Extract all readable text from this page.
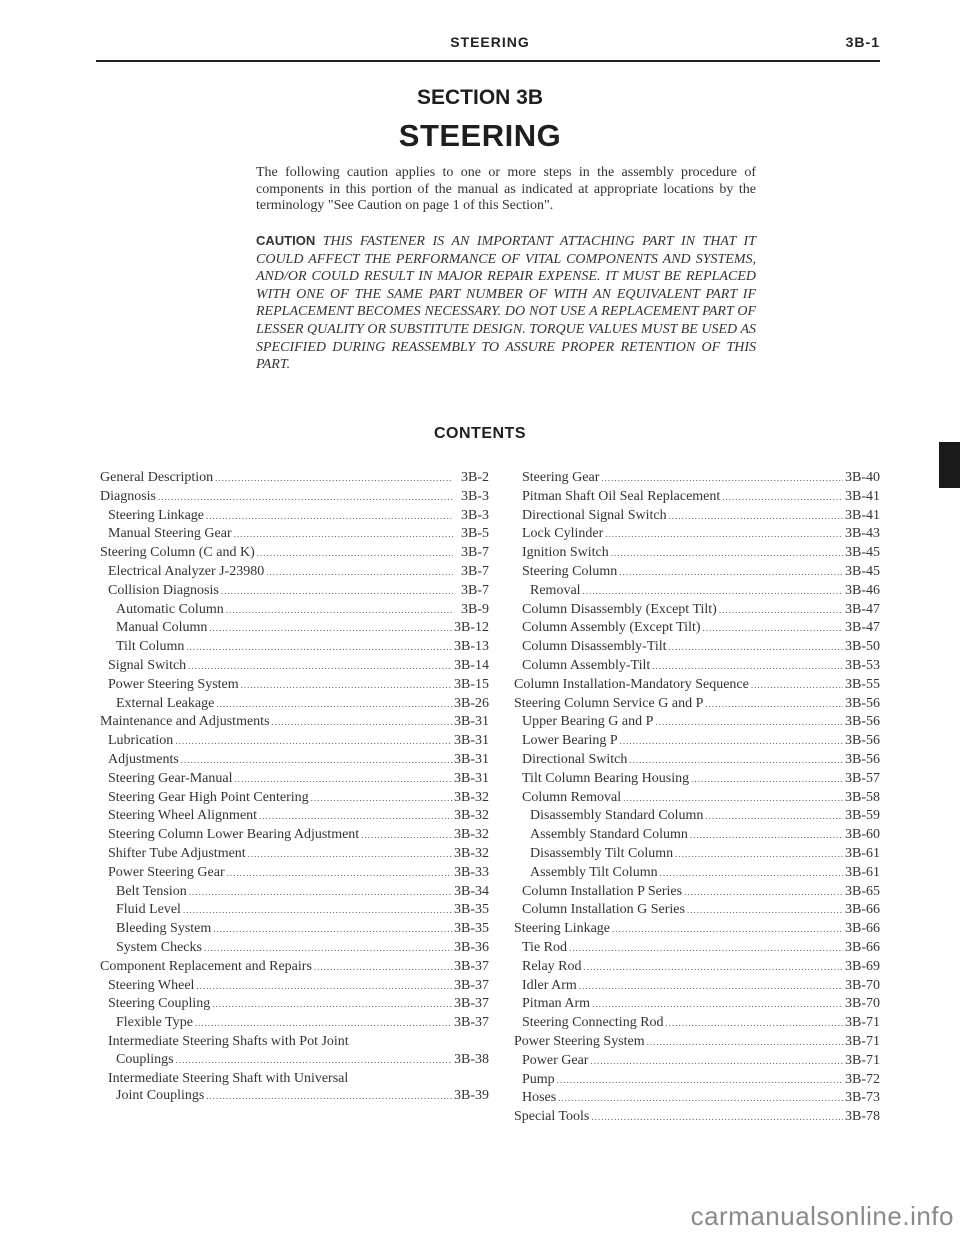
STEERING	3B-1
SECTION 3B
STEERING
The following caution applies to one or more steps in the assembly procedure of components in this portion of the manual as indicated at appropriate locations by the terminology "See Caution on page 1 of this Section".
CAUTION THIS FASTENER IS AN IMPORTANT ATTACHING PART IN THAT IT COULD AFFECT THE PERFORMANCE OF VITAL COMPONENTS AND SYSTEMS, AND/OR COULD RESULT IN MAJOR REPAIR EXPENSE. IT MUST BE REPLACED WITH ONE OF THE SAME PART NUMBER OF WITH AN EQUIVALENT PART IF REPLACEMENT BECOMES NECESSARY. DO NOT USE A REPLACEMENT PART OF LESSER QUALITY OR SUBSTITUTE DESIGN. TORQUE VALUES MUST BE USED AS SPECIFIED DURING REASSEMBLY TO ASSURE PROPER RETENTION OF THIS PART.
CONTENTS
General Description .....	3B-2
Diagnosis .....	3B-3
Steering Linkage .....	3B-3
Manual Steering Gear .....	3B-5
Steering Column (C and K) .....	3B-7
Electrical Analyzer J-23980 .....	3B-7
Collision Diagnosis .....	3B-7
Automatic Column .....	3B-9
Manual Column .....	3B-12
Tilt Column .....	3B-13
Signal Switch .....	3B-14
Power Steering System .....	3B-15
External Leakage .....	3B-26
Maintenance and Adjustments .....	3B-31
Lubrication .....	3B-31
Adjustments .....	3B-31
Steering Gear-Manual .....	3B-31
Steering Gear High Point Centering .....	3B-32
Steering Wheel Alignment .....	3B-32
Steering Column Lower Bearing Adjustment .....	3B-32
Shifter Tube Adjustment .....	3B-32
Power Steering Gear .....	3B-33
Belt Tension .....	3B-34
Fluid Level .....	3B-35
Bleeding System .....	3B-35
System Checks .....	3B-36
Component Replacement and Repairs .....	3B-37
Steering Wheel .....	3B-37
Steering Coupling .....	3B-37
Flexible Type .....	3B-37
Intermediate Steering Shafts with Pot Joint
Couplings .....	3B-38
Intermediate Steering Shaft with Universal
Joint Couplings .....	3B-39
Steering Gear .....	3B-40
Pitman Shaft Oil Seal Replacement .....	3B-41
Directional Signal Switch .....	3B-41
Lock Cylinder .....	3B-43
Ignition Switch .....	3B-45
Steering Column .....	3B-45
Removal .....	3B-46
Column Disassembly (Except Tilt) .....	3B-47
Column Assembly (Except Tilt) .....	3B-47
Column Disassembly-Tilt .....	3B-50
Column Assembly-Tilt .....	3B-53
Column Installation-Mandatory Sequence .....	3B-55
Steering Column Service G and P .....	3B-56
Upper Bearing G and P .....	3B-56
Lower Bearing P .....	3B-56
Directional Switch .....	3B-56
Tilt Column Bearing Housing .....	3B-57
Column Removal .....	3B-58
Disassembly Standard Column .....	3B-59
Assembly Standard Column .....	3B-60
Disassembly Tilt Column .....	3B-61
Assembly Tilt Column .....	3B-61
Column Installation P Series .....	3B-65
Column Installation G Series .....	3B-66
Steering Linkage .....	3B-66
Tie Rod .....	3B-66
Relay Rod .....	3B-69
Idler Arm .....	3B-70
Pitman Arm .....	3B-70
Steering Connecting Rod .....	3B-71
Power Steering System .....	3B-71
Power Gear .....	3B-71
Pump .....	3B-72
Hoses .....	3B-73
Special Tools .....	3B-78
carmanualsonline.info
